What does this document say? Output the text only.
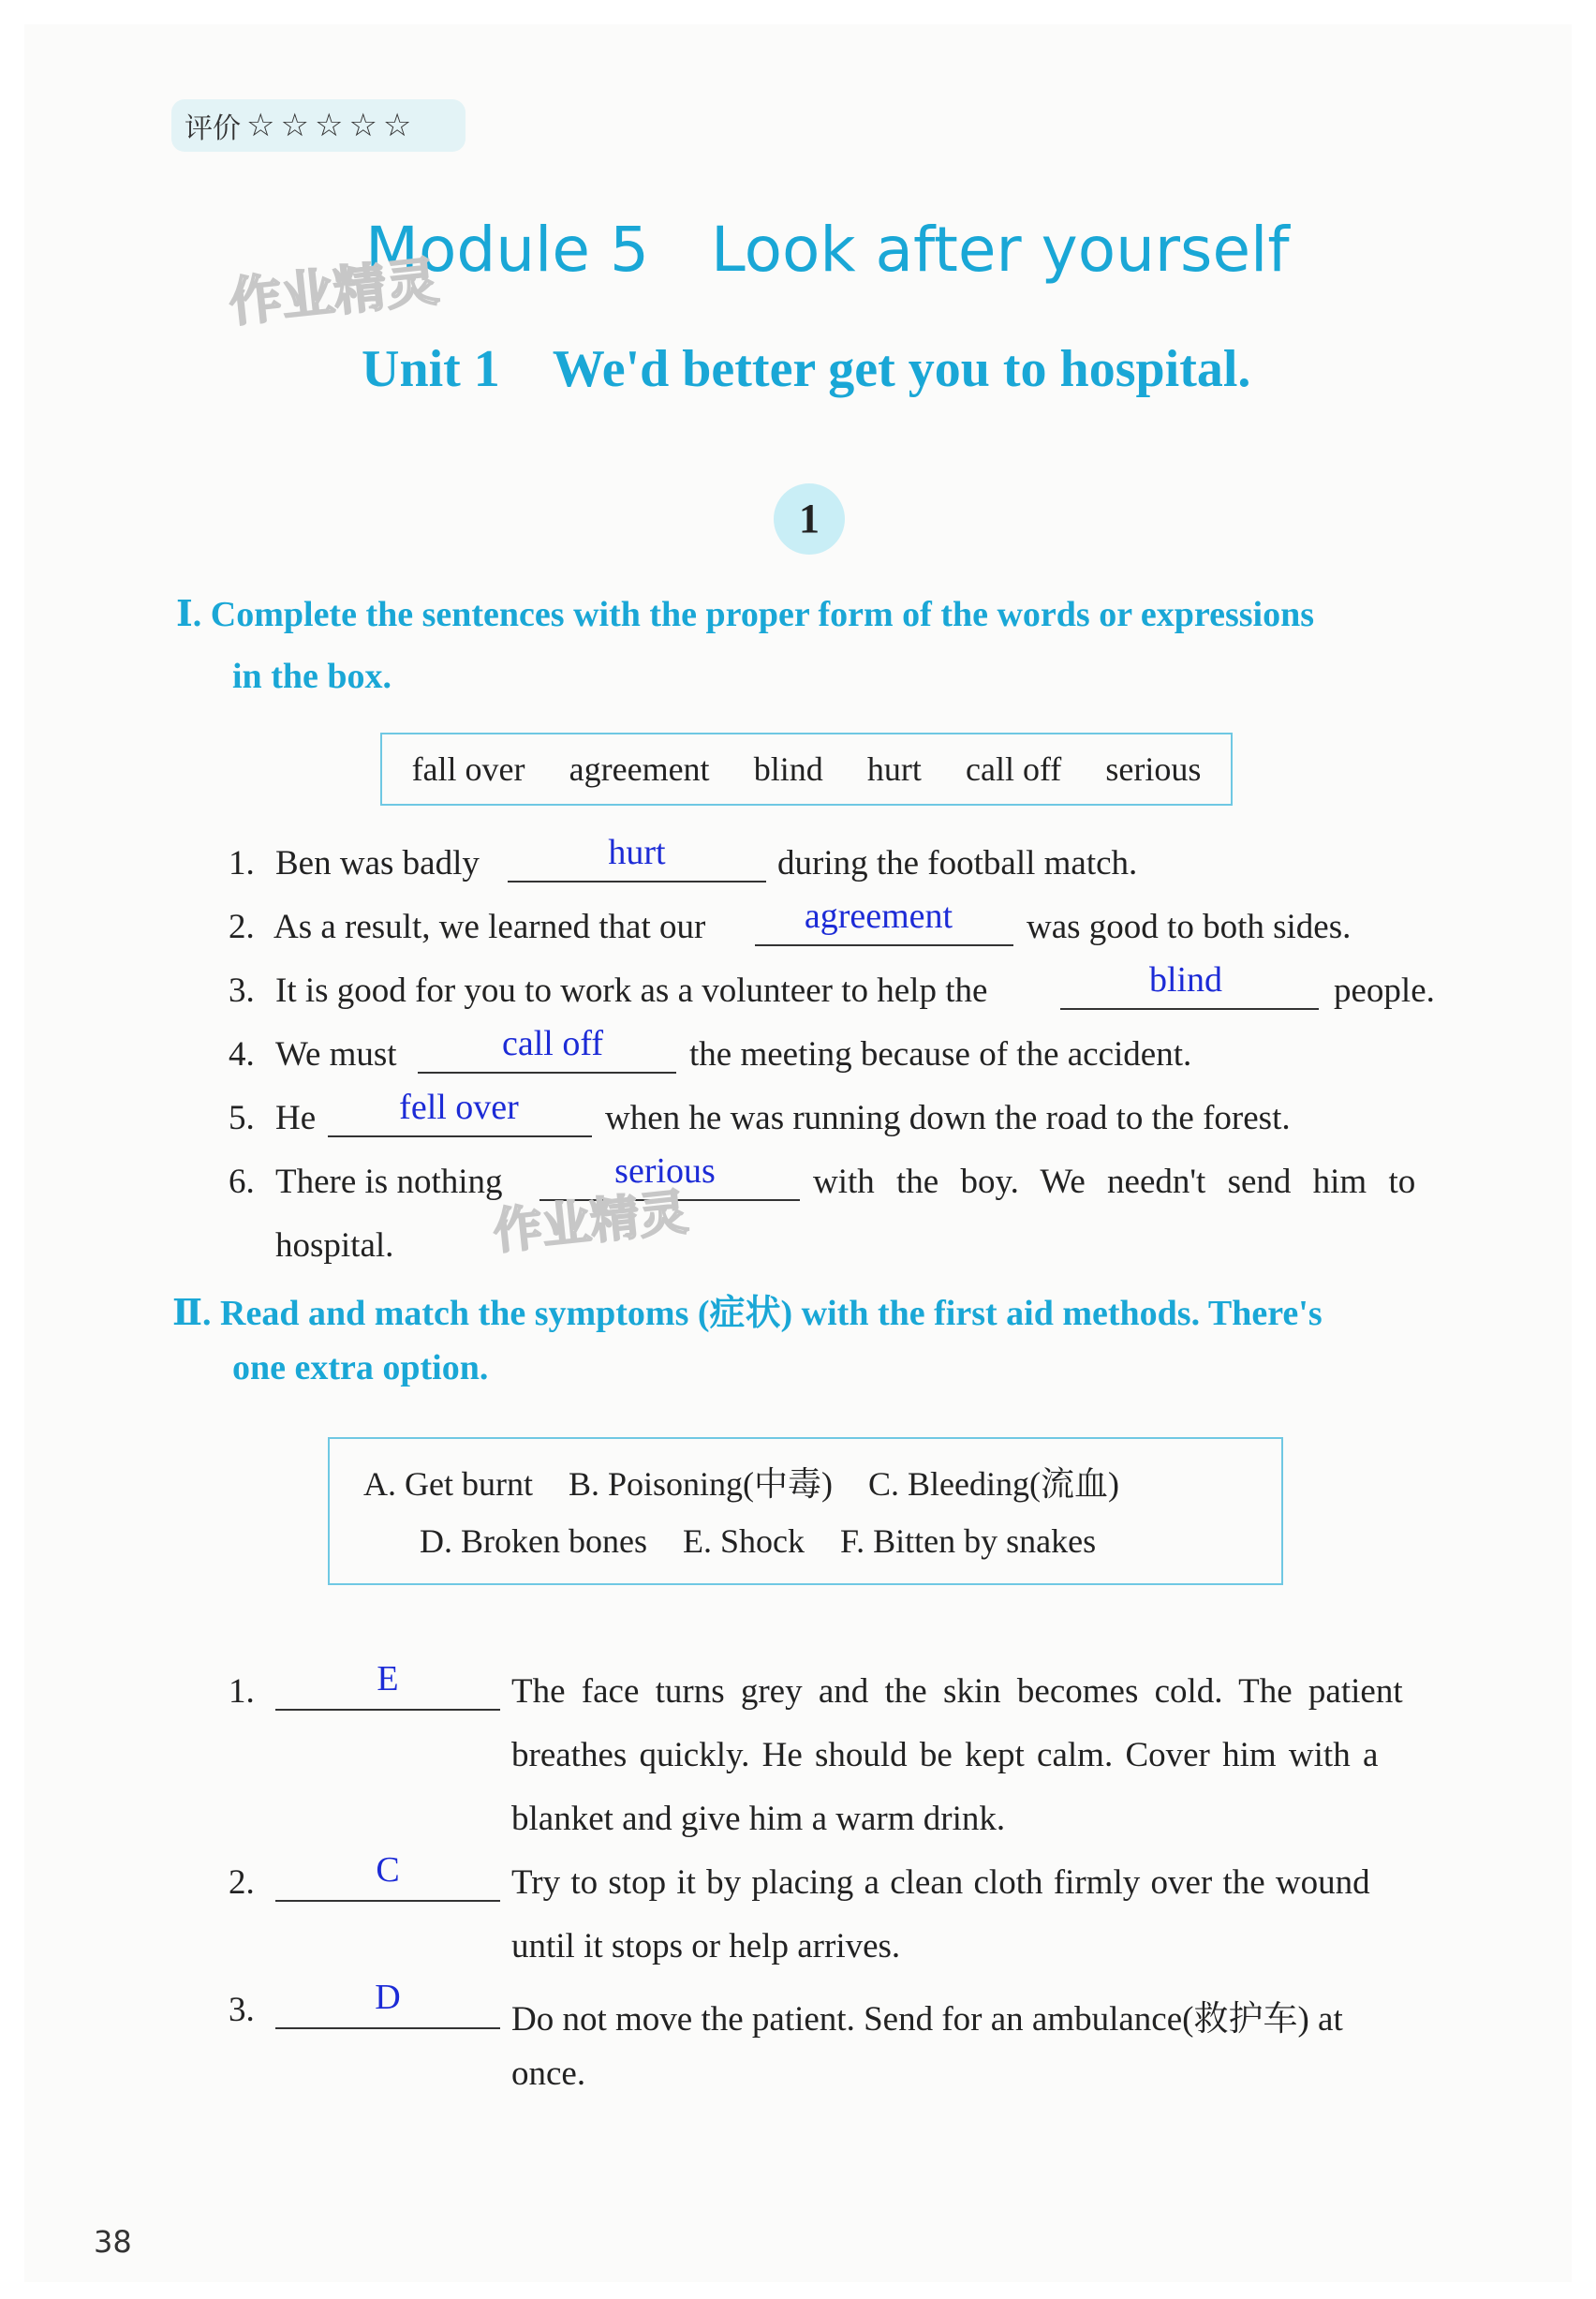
评价 ☆☆☆☆☆
Module 5 Look after yourself
作业精灵
Unit 1 We'd better get you to hospital.
1
Ⅰ. Complete the sentences with the proper form of the words or expressions
in the box.
fall over agreement blind hurt call off serious
1. Ben was badly	hurt	during the football match.
2. As a result, we learned that our	agreement	was good to both sides.
3. It is good for you to work as a volunteer to help the	blind	people.
4. We must	call off	the meeting because of the accident.
5. He	fell over	when he was running down the road to the forest.
6. There is nothing	serious	with the boy. We needn't send him to
hospital. 作业精灵
Ⅱ. Read and match the symptoms (症状) with the first aid methods. There's
one extra option.
A. Get burnt B. Poisoning(中毒) C. Bleeding(流血)
D. Broken bones E. Shock F. Bitten by snakes
1.	E	The face turns grey and the skin becomes cold. The patient
breathes quickly. He should be kept calm. Cover him with a
blanket and give him a warm drink.
2.	C	Try to stop it by placing a clean cloth firmly over the wound
until it stops or help arrives.
3.	D
Do not move the patient. Send for an ambulance(救护车) at
once.
38
